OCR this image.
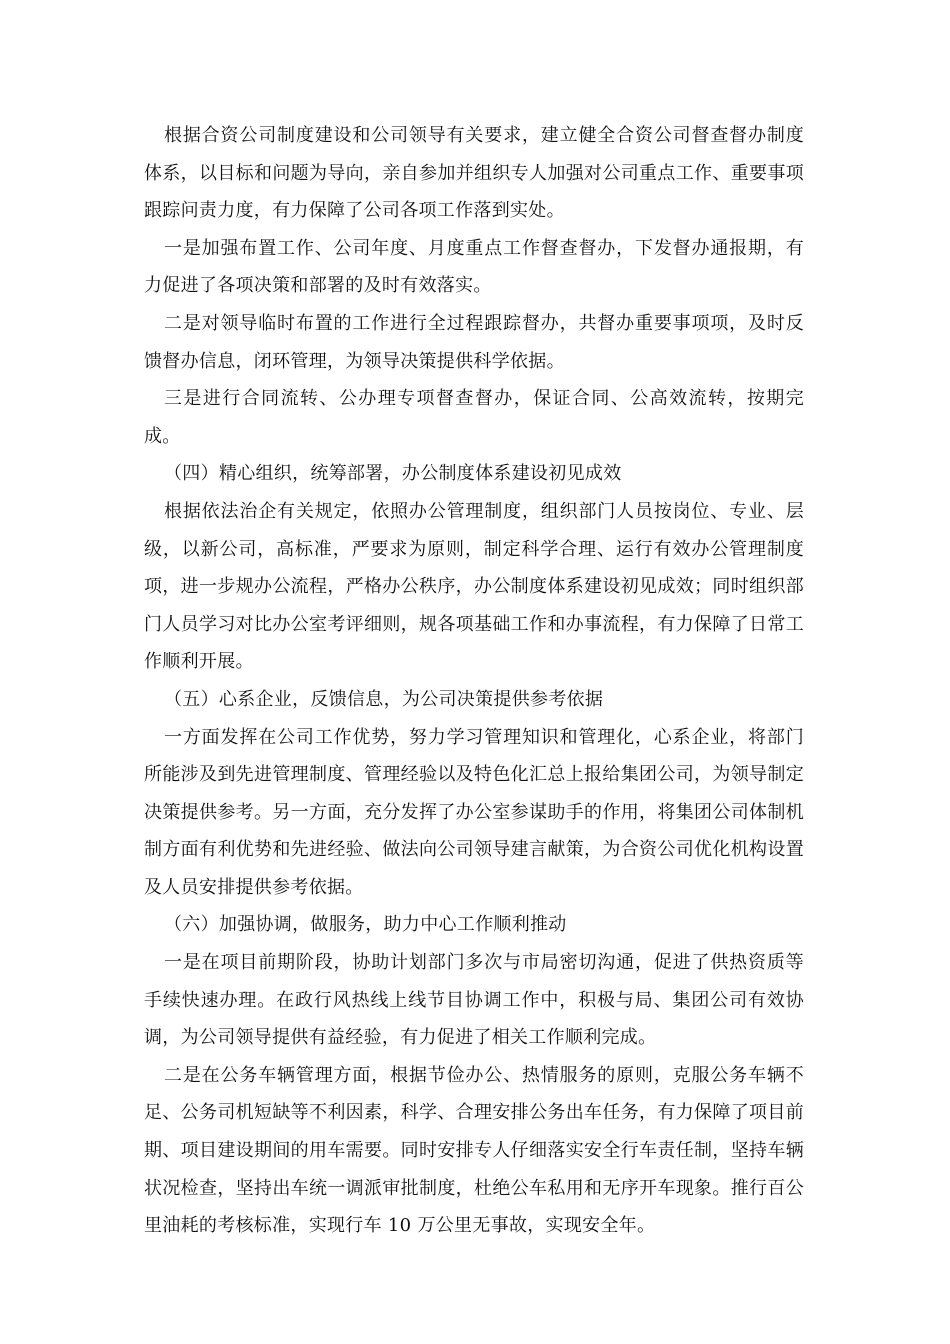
根据合资公司制度建设和公司领导有关要求，建立健全合资公司督查督办制度体系，以目标和问题为导向，亲自参加并组织专人加强对公司重点工作、重要事项跟踪问责力度，有力保障了公司各项工作落到实处。

一是加强布置工作、公司年度、月度重点工作督查督办，下发督办通报期，有力促进了各项决策和部署的及时有效落实。

二是对领导临时布置的工作进行全过程跟踪督办，共督办重要事项项，及时反馈督办信息，闭环管理，为领导决策提供科学依据。

三是进行合同流转、公办理专项督查督办，保证合同、公高效流转，按期完成。

（四）精心组织，统筹部署，办公制度体系建设初见成效

根据依法治企有关规定，依照办公管理制度，组织部门人员按岗位、专业、层级，以新公司，高标准，严要求为原则，制定科学合理、运行有效办公管理制度项，进一步规办公流程，严格办公秩序，办公制度体系建设初见成效；同时组织部门人员学习对比办公室考评细则，规各项基础工作和办事流程，有力保障了日常工作顺利开展。

（五）心系企业，反馈信息，为公司决策提供参考依据

一方面发挥在公司工作优势，努力学习管理知识和管理化，心系企业，将部门所能涉及到先进管理制度、管理经验以及特色化汇总上报给集团公司，为领导制定决策提供参考。另一方面，充分发挥了办公室参谋助手的作用，将集团公司体制机制方面有利优势和先进经验、做法向公司领导建言献策，为合资公司优化机构设置及人员安排提供参考依据。

（六）加强协调，做服务，助力中心工作顺利推动

一是在项目前期阶段，协助计划部门多次与市局密切沟通，促进了供热资质等手续快速办理。在政行风热线上线节目协调工作中，积极与局、集团公司有效协调，为公司领导提供有益经验，有力促进了相关工作顺利完成。

二是在公务车辆管理方面，根据节俭办公、热情服务的原则，克服公务车辆不足、公务司机短缺等不利因素，科学、合理安排公务出车任务，有力保障了项目前期、项目建设期间的用车需要。同时安排专人仔细落实安全行车责任制，坚持车辆状况检查，坚持出车统一调派审批制度，杜绝公车私用和无序开车现象。推行百公里油耗的考核标准，实现行车 10 万公里无事故，实现安全年。
